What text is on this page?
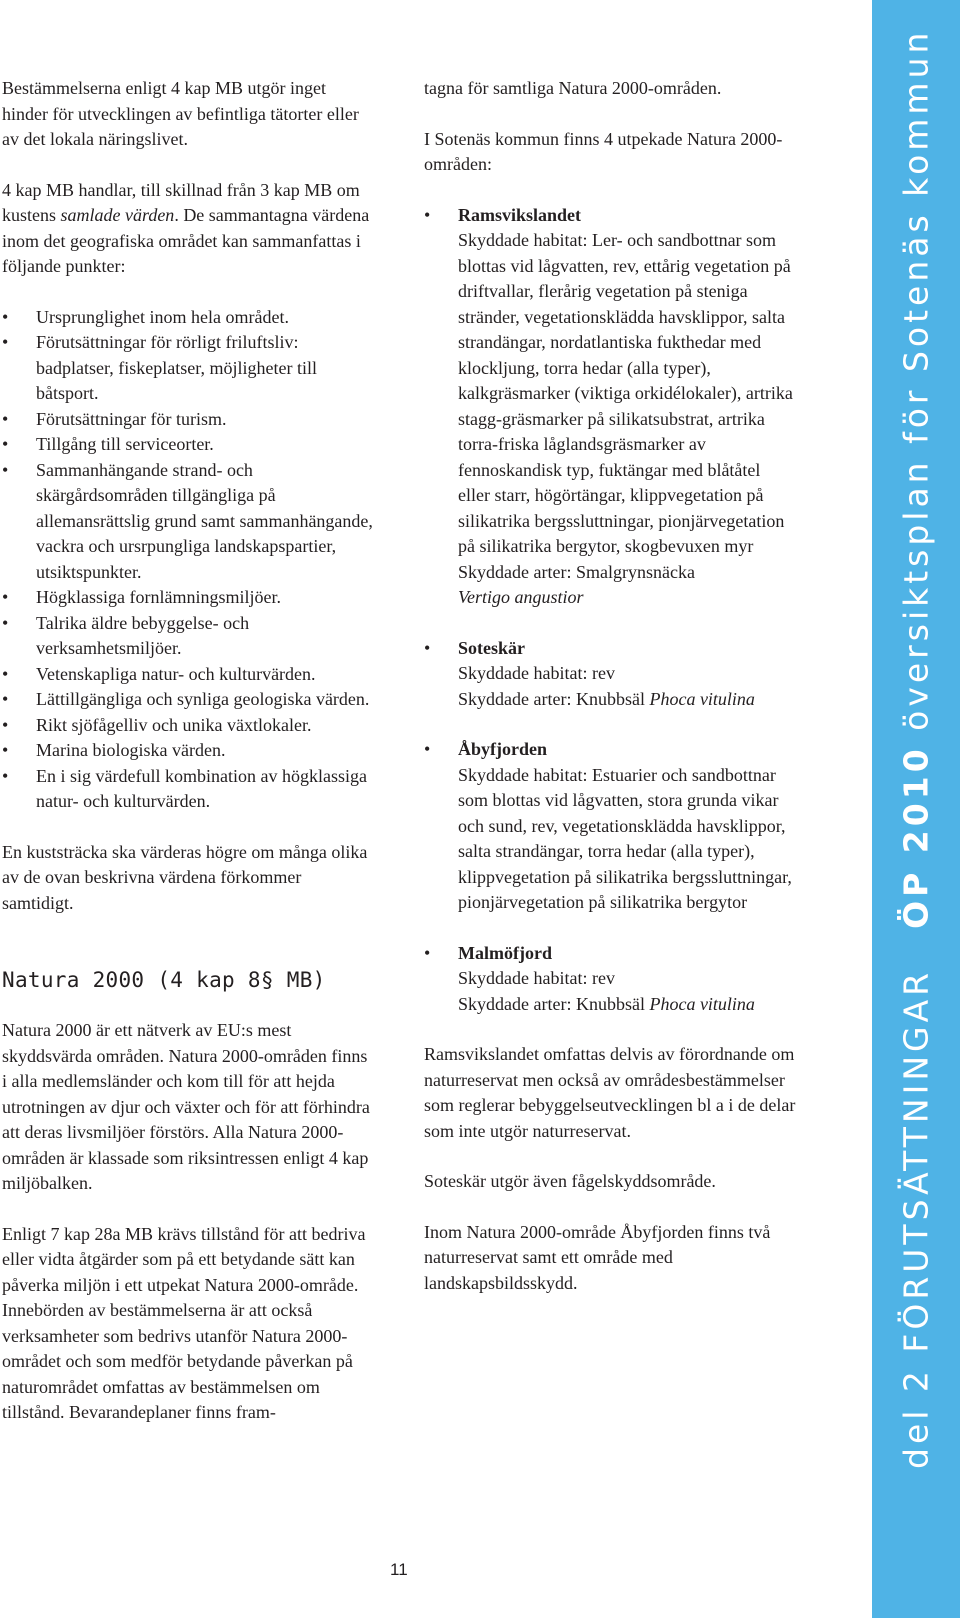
Bestämmelserna enligt 4 kap MB utgör inget hinder för utvecklingen av befintliga tätorter eller av det lokala näringslivet.

4 kap MB handlar, till skillnad från 3 kap MB om kustens samlade värden. De sammantagna värdena inom det geografiska området kan sammanfattas i följande punkter:

• Ursprunglighet inom hela området.
• Förutsättningar för rörligt friluftsliv: badplatser, fiskeplatser, möjligheter till båtsport.
• Förutsättningar för turism.
• Tillgång till serviceorter.
• Sammanhängande strand- och skärgårdsområden tillgängliga på allemansrättslig grund samt sammanhängande, vackra och ursrpungliga landskapspartier, utsiktspunkter.
• Högklassiga fornlämningsmiljöer.
• Talrika äldre bebyggelse- och verksamhetsmiljöer.
• Vetenskapliga natur- och kulturvärden.
• Lättillgängliga och synliga geologiska värden.
• Rikt sjöfågelliv och unika växtlokaler.
• Marina biologiska värden.
• En i sig värdefull kombination av högklassiga natur- och kulturvärden.

En kuststräcka ska värderas högre om många olika av de ovan beskrivna värdena förkommer samtidigt.

Natura 2000 (4 kap 8§ MB)

Natura 2000 är ett nätverk av EU:s mest skyddsvärda områden. Natura 2000-områden finns i alla medlemsländer och kom till för att hejda utrotningen av djur och växter och för att förhindra att deras livsmiljöer förstörs. Alla Natura 2000-områden är klassade som riksintressen enligt 4 kap miljöbalken.

Enligt 7 kap 28a MB krävs tillstånd för att bedriva eller vidta åtgärder som på ett betydande sätt kan påverka miljön i ett utpekat Natura 2000-område. Innebörden av bestämmelserna är att också verksamheter som bedrivs utanför Natura 2000-området och som medför betydande påverkan på naturområdet omfattas av bestämmelsen om tillstånd. Bevarandeplaner finns fram-

tagna för samtliga Natura 2000-områden.

I Sotenäs kommun finns 4 utpekade Natura 2000-områden:

• Ramsvikslandet
Skyddade habitat: Ler- och sandbottnar som blottas vid lågvatten, rev, ettårig vegetation på driftvallar, flerårig vegetation på steniga stränder, vegetationsklädda havsklippor, salta strandängar, nordatlantiska fukthedar med klockljung, torra hedar (alla typer), kalkgräsmarker (viktiga orkidélokaler), artrika stagg-gräsmarker på silikatsubstrat, artrika torra-friska låglandsgräsmarker av fennoskandisk typ, fuktängar med blåtåtel eller starr, högörtängar, klippvegetation på silikatrika bergssluttningar, pionjärvegetation på silikatrika bergytor, skogbevuxen myr
Skyddade arter: Smalgrynsnäcka
Vertigo angustior
• Soteskär
Skyddade habitat: rev
Skyddade arter: Knubbsäl Phoca vitulina
• Åbyfjorden
Skyddade habitat: Estuarier och sandbottnar som blottas vid lågvatten, stora grunda vikar och sund, rev, vegetationsklädda havsklippor, salta strandängar, torra hedar (alla typer), klippvegetation på silikatrika bergssluttningar, pionjärvegetation på silikatrika bergytor
• Malmöfjord
Skyddade habitat: rev
Skyddade arter: Knubbsäl Phoca vitulina

Ramsvikslandet omfattas delvis av förordnande om naturreservat men också av områdesbestämmelser som reglerar bebyggelseutvecklingen bl a i de delar som inte utgör naturreservat.

Soteskär utgör även fågelskyddsområde.

Inom Natura 2000-område Åbyfjorden finns två naturreservat samt ett område med landskapsbildsskydd.	del 2 FÖRUTSÄTTNINGARÖP 2010 översiktsplan för Sotenäs kommun
11
